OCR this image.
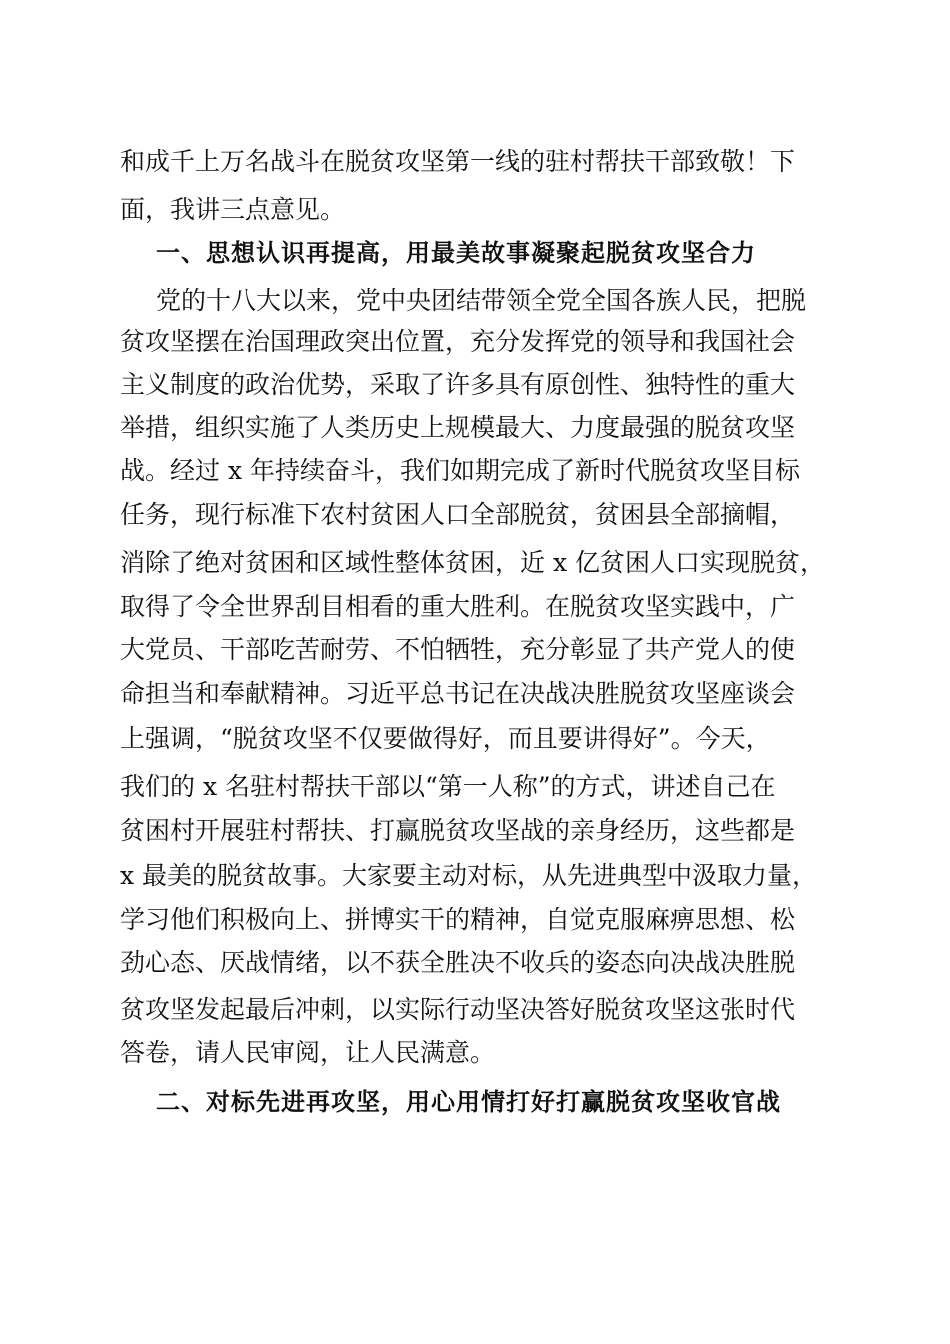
和成千上万名战斗在脱贫攻坚第一线的驻村帮扶干部致敬！下
面，我讲三点意见。
一、思想认识再提高，用最美故事凝聚起脱贫攻坚合力
党的十八大以来，党中央团结带领全党全国各族人民，把脱
贫攻坚摆在治国理政突出位置，充分发挥党的领导和我国社会
主义制度的政治优势，采取了许多具有原创性、独特性的重大
举措，组织实施了人类历史上规模最大、力度最强的脱贫攻坚
战。经过 x 年持续奋斗，我们如期完成了新时代脱贫攻坚目标
任务，现行标准下农村贫困人口全部脱贫，贫困县全部摘帽，
消除了绝对贫困和区域性整体贫困，近 x 亿贫困人口实现脱贫，
取得了令全世界刮目相看的重大胜利。在脱贫攻坚实践中，广
大党员、干部吃苦耐劳、不怕牺牲，充分彰显了共产党人的使
命担当和奉献精神。习近平总书记在决战决胜脱贫攻坚座谈会
上强调，“脱贫攻坚不仅要做得好，而且要讲得好”。今天，
我们的 x 名驻村帮扶干部以“第一人称”的方式，讲述自己在
贫困村开展驻村帮扶、打赢脱贫攻坚战的亲身经历，这些都是
x 最美的脱贫故事。大家要主动对标，从先进典型中汲取力量，
学习他们积极向上、拼博实干的精神，自觉克服麻痹思想、松
劲心态、厌战情绪，以不获全胜决不收兵的姿态向决战决胜脱
贫攻坚发起最后冲刺，以实际行动坚决答好脱贫攻坚这张时代
答卷，请人民审阅，让人民满意。
二、对标先进再攻坚，用心用情打好打赢脱贫攻坚收官战
